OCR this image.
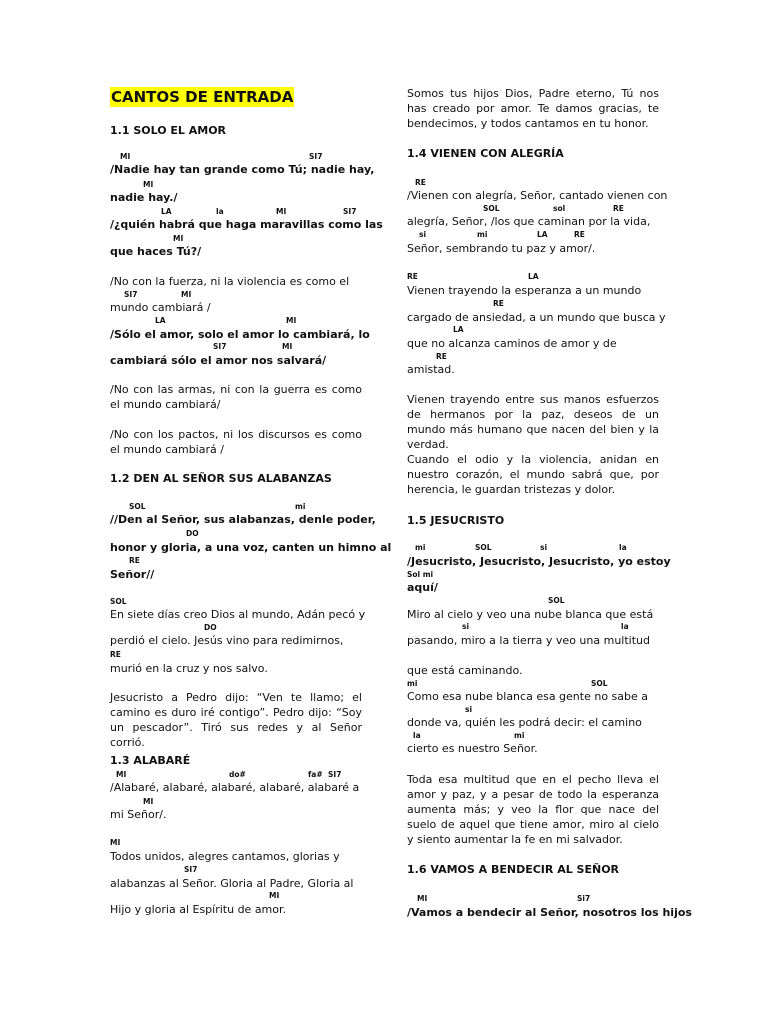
CANTOS DE ENTRADA
1.1 SOLO EL AMOR
MI	SI7
/Nadie hay tan grande como Tú; nadie hay,
MI
nadie hay./
LA	la	MI	SI7
/¿quién habrá que haga maravillas como las
MI
que haces Tú?/
/No con la fuerza, ni la violencia es como el
SI7	MI
mundo cambiará /
LA	MI
/Sólo el amor, solo el amor lo cambiará, lo
SI7	MI
cambiará sólo el amor nos salvará/
/No con las armas, ni con la guerra es como el mundo cambiará/
/No con los pactos, ni los discursos es como el mundo cambiará /
1.2 DEN AL SEÑOR SUS ALABANZAS
SOL	mi
//Den al Señor, sus alabanzas, denle poder,
DO
honor y gloria, a una voz, canten un himno al
RE
Señor//
SOL
En siete días creo Dios al mundo, Adán pecó y
DO
perdió el cielo. Jesús vino para redimirnos,
RE
murió en la cruz y nos salvo.
Jesucristo a Pedro dijo: “Ven te llamo; el camino es duro iré contigo”. Pedro dijo: “Soy un pescador”. Tiró sus redes y al Señor corrió.
1.3 ALABARÉ
MI	do#	fa# SI7
/Alabaré, alabaré, alabaré, alabaré, alabaré a
MI
mi Señor/.
MI
Todos unidos, alegres cantamos, glorias y
SI7
alabanzas al Señor. Gloria al Padre, Gloria al
MI
Hijo y gloria al Espíritu de amor.
Somos tus hijos Dios, Padre eterno, Tú nos has creado por amor. Te damos gracias, te bendecimos, y todos cantamos en tu honor.
1.4 VIENEN CON ALEGRÍA
RE
/Vienen con alegría, Señor, cantado vienen con
SOL	sol	RE
alegría, Señor, /los que caminan por la vida,
si	mi	LA	RE
Señor, sembrando tu paz y amor/.
RE	LA
Vienen trayendo la esperanza a un mundo
RE
cargado de ansiedad, a un mundo que busca y
LA
que no alcanza caminos de amor y de
RE
amistad.
Vienen trayendo entre sus manos esfuerzos de hermanos por la paz, deseos de un mundo más humano que nacen del bien y la verdad.
Cuando el odio y la violencia, anidan en nuestro corazón, el mundo sabrá que, por herencia, le guardan tristezas y dolor.
1.5 JESUCRISTO
mi	SOL	si	la
/Jesucristo, Jesucristo, Jesucristo, yo estoy
Sol mi
aquí/
SOL
Miro al cielo y veo una nube blanca que está
si	la
pasando, miro a la tierra y veo una multitud
que está caminando.
mi	SOL
Como esa nube blanca esa gente no sabe a
si
donde va, quién les podrá decir: el camino
la	mi
cierto es nuestro Señor.
Toda esa multitud que en el pecho lleva el amor y paz, y a pesar de todo la esperanza aumenta más; y veo la flor que nace del suelo de aquel que tiene amor, miro al cielo y siento aumentar la fe en mi salvador.
1.6 VAMOS A BENDECIR AL SEÑOR
MI	Si7
/Vamos a bendecir al Señor, nosotros los hijos
